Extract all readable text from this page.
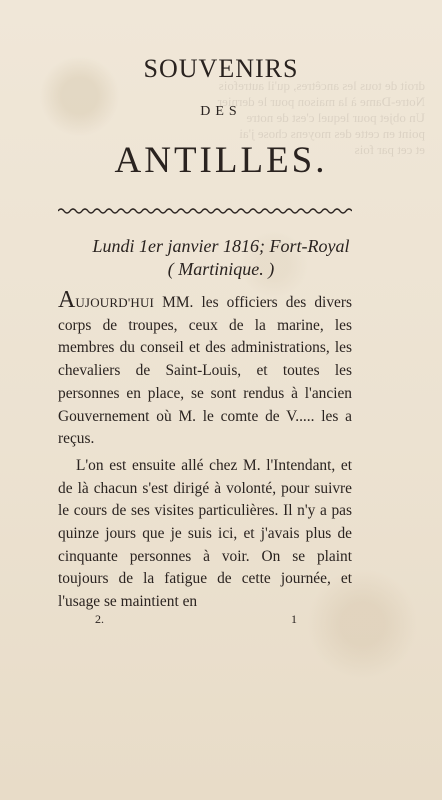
droit de tous les ancêtres, qu'il autrefois
Notre-Dame à la maison pour le dernier
Un objet pour lequel c'est de notre
point en cette des moyens chose j'ai
et cet par fois
SOUVENIRS
DES
ANTILLES.
Lundi 1er janvier 1816; Fort-Royal
( Martinique. )

AUJOURD'HUI MM. les officiers des divers corps de troupes, ceux de la marine, les membres du conseil et des administrations, les chevaliers de Saint-Louis, et toutes les personnes en place, se sont rendus à l'ancien Gouvernement où M. le comte de V..... les a reçus.

L'on est ensuite allé chez M. l'Intendant, et de là chacun s'est dirigé à volonté, pour suivre le cours de ses visites particulières. Il n'y a pas quinze jours que je suis ici, et j'avais plus de cinquante personnes à voir. On se plaint toujours de la fatigue de cette journée, et l'usage se maintient en

2.	1
